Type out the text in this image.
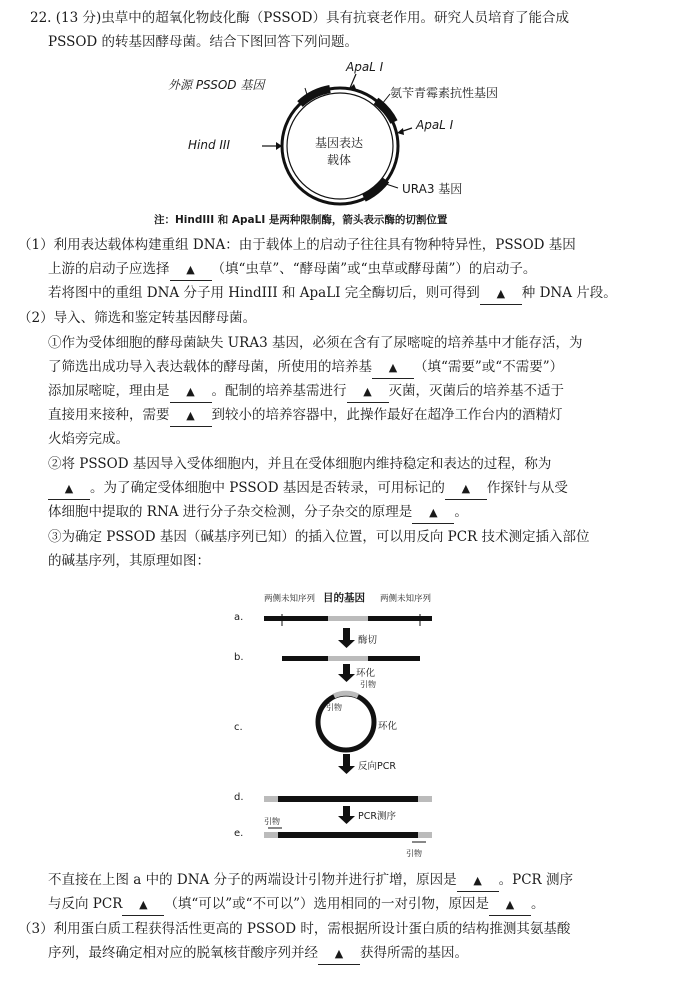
22. (13 分)虫草中的超氧化物歧化酶（PSSOD）具有抗衰老作用。研究人员培育了能合成
PSSOD 的转基因酵母菌。结合下图回答下列问题。
基因表达
载体
外源 PSSOD 基因
ApaL I
氨苄青霉素抗性基因
ApaL I
Hind III
URA3 基因
注：HindIII 和 ApaLI 是两种限制酶，箭头表示酶的切割位置
（1）利用表达载体构建重组 DNA：由于载体上的启动子往往具有物种特异性，PSSOD 基因
上游的启动子应选择 ▲ （填“虫草”、“酵母菌”或“虫草或酵母菌”）的启动子。
若将图中的重组 DNA 分子用 HindIII 和 ApaLI 完全酶切后，则可得到 ▲ 种 DNA 片段。
（2）导入、筛选和鉴定转基因酵母菌。
①作为受体细胞的酵母菌缺失 URA3 基因，必须在含有了尿嘧啶的培养基中才能存活，为
了筛选出成功导入表达载体的酵母菌，所使用的培养基 ▲ （填“需要”或“不需要”）
添加尿嘧啶，理由是 ▲ 。配制的培养基需进行 ▲ 灭菌，灭菌后的培养基不适于
直接用来接种，需要 ▲ 到较小的培养容器中，此操作最好在超净工作台内的酒精灯
火焰旁完成。
②将 PSSOD 基因导入受体细胞内，并且在受体细胞内维持稳定和表达的过程，称为
▲ 。为了确定受体细胞中 PSSOD 基因是否转录，可用标记的 ▲ 作探针与从受
体细胞中提取的 RNA 进行分子杂交检测，分子杂交的原理是 ▲ 。
③为确定 PSSOD 基因（碱基序列已知）的插入位置，可以用反向 PCR 技术测定插入部位
的碱基序列，其原理如图：
两侧未知序列 目的基因 两侧未知序列
a.
b.
c.
d.
e.
酶切
环化
引物
引物
环化
反向PCR
PCR测序
引物
引物
不直接在上图 a 中的 DNA 分子的两端设计引物并进行扩增，原因是 ▲ 。PCR 测序
与反向 PCR ▲ （填“可以”或“不可以”）选用相同的一对引物，原因是 ▲ 。
（3）利用蛋白质工程获得活性更高的 PSSOD 时，需根据所设计蛋白质的结构推测其氨基酸
序列，最终确定相对应的脱氧核苷酸序列并经 ▲ 获得所需的基因。
